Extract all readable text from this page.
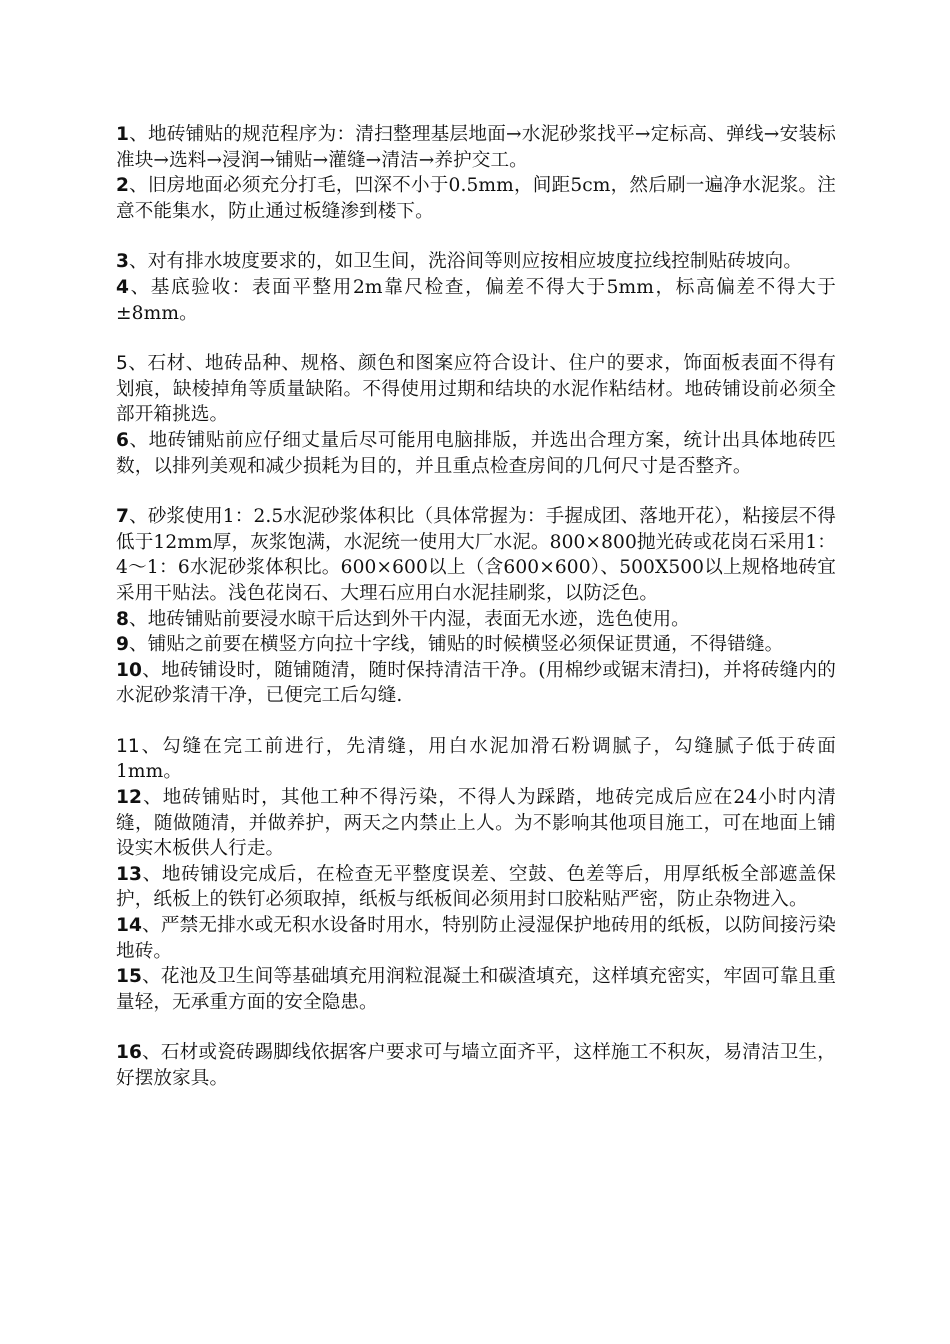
1、地砖铺贴的规范程序为：清扫整理基层地面→水泥砂浆找平→定标高、弹线→安装标准块→选料→浸润→铺贴→灌缝→清洁→养护交工。

2、旧房地面必须充分打毛，凹深不小于0.5mm，间距5cm，然后刷一遍净水泥浆。注意不能集水，防止通过板缝渗到楼下。

3、对有排水坡度要求的，如卫生间，洗浴间等则应按相应坡度拉线控制贴砖坡向。

4、基底验收：表面平整用2m靠尺检查，偏差不得大于5mm，标高偏差不得大于±8mm。

5、石材、地砖品种、规格、颜色和图案应符合设计、住户的要求，饰面板表面不得有划痕，缺棱掉角等质量缺陷。不得使用过期和结块的水泥作粘结材。地砖铺设前必须全部开箱挑选。

6、地砖铺贴前应仔细丈量后尽可能用电脑排版，并选出合理方案，统计出具体地砖匹数，以排列美观和减少损耗为目的，并且重点检查房间的几何尺寸是否整齐。

7、砂浆使用1：2.5水泥砂浆体积比（具体常握为：手握成团、落地开花），粘接层不得低于12mm厚，灰浆饱满，水泥统一使用大厂水泥。800×800抛光砖或花岗石采用1：4～1：6水泥砂浆体积比。600×600以上（含600×600）、500X500以上规格地砖宜采用干贴法。浅色花岗石、大理石应用白水泥挂刷浆，以防泛色。

8、地砖铺贴前要浸水晾干后达到外干内湿，表面无水迹，选色使用。

9、铺贴之前要在横竖方向拉十字线，铺贴的时候横竖必须保证贯通，不得错缝。

10、地砖铺设时，随铺随清，随时保持清洁干净。(用棉纱或锯末清扫)，并将砖缝内的水泥砂浆清干净，已便完工后勾缝.

11、勾缝在完工前进行，先清缝，用白水泥加滑石粉调腻子，勾缝腻子低于砖面1mm。

12、地砖铺贴时，其他工种不得污染，不得人为踩踏，地砖完成后应在24小时内清缝，随做随清，并做养护，两天之内禁止上人。为不影响其他项目施工，可在地面上铺设实木板供人行走。

13、地砖铺设完成后，在检查无平整度误差、空鼓、色差等后，用厚纸板全部遮盖保护，纸板上的铁钉必须取掉，纸板与纸板间必须用封口胶粘贴严密，防止杂物进入。

14、严禁无排水或无积水设备时用水，特别防止浸湿保护地砖用的纸板，以防间接污染地砖。

15、花池及卫生间等基础填充用润粒混凝土和碳渣填充，这样填充密实，牢固可靠且重量轻，无承重方面的安全隐患。

16、石材或瓷砖踢脚线依据客户要求可与墙立面齐平，这样施工不积灰，易清洁卫生，好摆放家具。
